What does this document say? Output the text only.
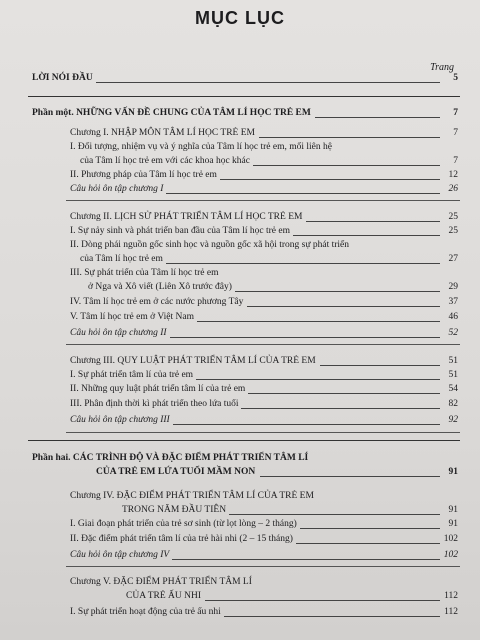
MỤC LỤC
Trang
LỜI NÓI ĐẦU	5
Phần một. NHỮNG VẤN ĐỀ CHUNG CỦA TÂM LÍ HỌC TRẺ EM	7
Chương I. NHẬP MÔN TÂM LÍ HỌC TRẺ EM	7
I. Đối tượng, nhiệm vụ và ý nghĩa của Tâm lí học trẻ em, mối liên hệ
của Tâm lí học trẻ em với các khoa học khác	7
II. Phương pháp của Tâm lí học trẻ em	12
Câu hỏi ôn tập chương I	26
Chương II. LỊCH SỬ PHÁT TRIỂN TÂM LÍ HỌC TRẺ EM	25
I. Sự nảy sinh và phát triển ban đầu của Tâm lí học trẻ em	25
II. Dòng phái nguồn gốc sinh học và nguồn gốc xã hội trong sự phát triển
của Tâm lí học trẻ em	27
III. Sự phát triển của Tâm lí học trẻ em
ở Nga và Xô viết (Liên Xô trước đây)	29
IV. Tâm lí học trẻ em ở các nước phương Tây	37
V. Tâm lí học trẻ em ở Việt Nam	46
Câu hỏi ôn tập chương II	52
Chương III. QUY LUẬT PHÁT TRIỂN TÂM LÍ CỦA TRẺ EM	51
I. Sự phát triển tâm lí của trẻ em	51
II. Những quy luật phát triển tâm lí của trẻ em	54
III. Phân định thời kì phát triển theo lứa tuổi	82
Câu hỏi ôn tập chương III	92
Phần hai. CÁC TRÌNH ĐỘ VÀ ĐẶC ĐIỂM PHÁT TRIỂN TÂM LÍ
CỦA TRẺ EM LỨA TUỔI MẦM NON	91
Chương IV. ĐẶC ĐIỂM PHÁT TRIỂN TÂM LÍ CỦA TRẺ EM
TRONG NĂM ĐẦU TIÊN	91
I. Giai đoạn phát triển của trẻ sơ sinh (từ lọt lòng – 2 tháng)	91
II. Đặc điểm phát triển tâm lí của trẻ hài nhi (2 – 15 tháng)	102
Câu hỏi ôn tập chương IV	102
Chương V. ĐẶC ĐIỂM PHÁT TRIỂN TÂM LÍ
CỦA TRẺ ẤU NHI	112
I. Sự phát triển hoạt động của trẻ ấu nhi	112
